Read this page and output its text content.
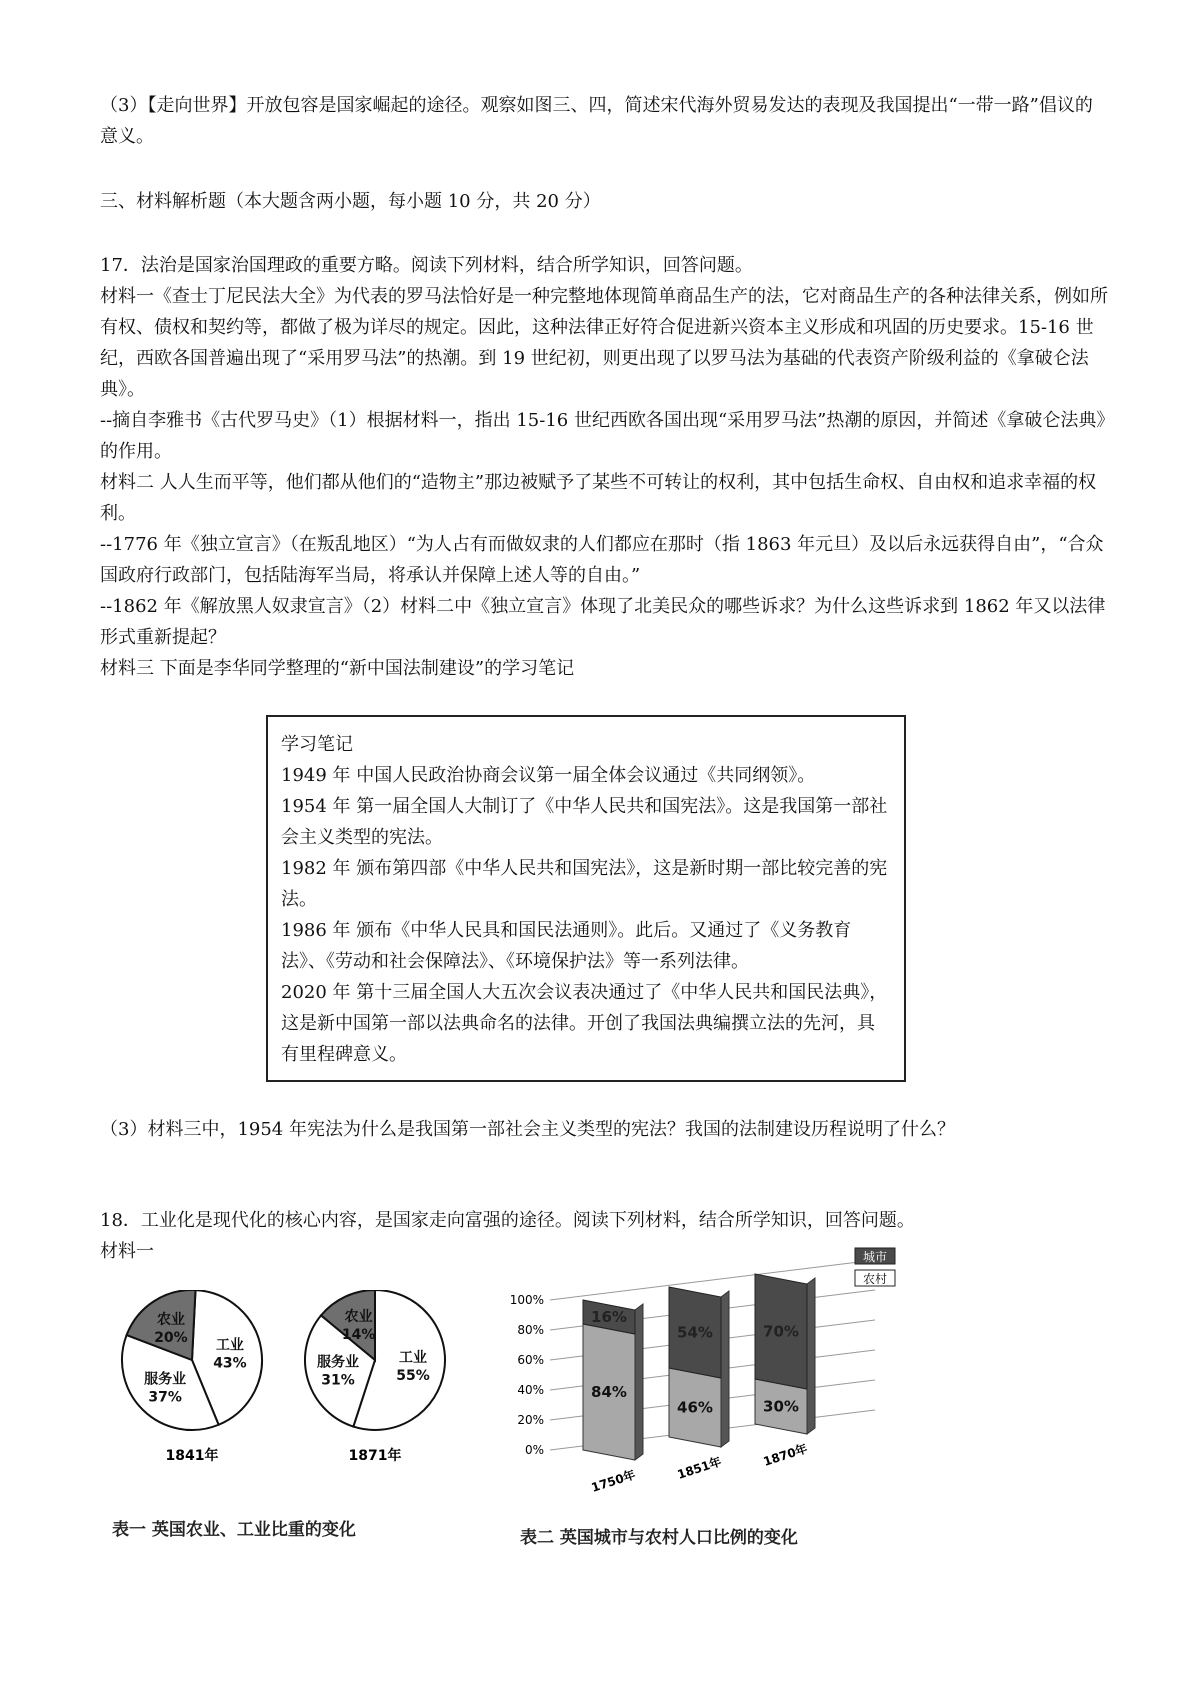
（3）【走向世界】开放包容是国家崛起的途径。观察如图三、四，简述宋代海外贸易发达的表现及我国提出“一带一路”倡议的意义。

三、材料解析题（本大题含两小题，每小题 10 分，共 20 分）

17．法治是国家治国理政的重要方略。阅读下列材料，结合所学知识，回答问题。

材料一《查士丁尼民法大全》为代表的罗马法恰好是一种完整地体现简单商品生产的法，它对商品生产的各种法律关系，例如所有权、债权和契约等，都做了极为详尽的规定。因此，这种法律正好符合促进新兴资本主义形成和巩固的历史要求。15-16 世纪，西欧各国普遍出现了“采用罗马法”的热潮。到 19 世纪初，则更出现了以罗马法为基础的代表资产阶级利益的《拿破仑法典》。

--摘自李雅书《古代罗马史》（1）根据材料一，指出 15-16 世纪西欧各国出现“采用罗马法”热潮的原因，并简述《拿破仑法典》的作用。

材料二 人人生而平等，他们都从他们的“造物主”那边被赋予了某些不可转让的权利，其中包括生命权、自由权和追求幸福的权利。

--1776 年《独立宣言》（在叛乱地区）“为人占有而做奴隶的人们都应在那时（指 1863 年元旦）及以后永远获得自由”，“合众国政府行政部门，包括陆海军当局，将承认并保障上述人等的自由。”

--1862 年《解放黑人奴隶宣言》（2）材料二中《独立宣言》体现了北美民众的哪些诉求？为什么这些诉求到 1862 年又以法律形式重新提起？

材料三 下面是李华同学整理的“新中国法制建设”的学习笔记

学习笔记

1949 年 中国人民政治协商会议第一届全体会议通过《共同纲领》。

1954 年 第一届全国人大制订了《中华人民共和国宪法》。这是我国第一部社会主义类型的宪法。

1982 年 颁布第四部《中华人民共和国宪法》，这是新时期一部比较完善的宪法。

1986 年 颁布《中华人民具和国民法通则》。此后。又通过了《义务教育法》、《劳动和社会保障法》、《环境保护法》等一系列法律。

2020 年 第十三届全国人大五次会议表决通过了《中华人民共和国民法典》，这是新中国第一部以法典命名的法律。开创了我国法典编撰立法的先河，具有里程碑意义。

（3）材料三中，1954 年宪法为什么是我国第一部社会主义类型的宪法？我国的法制建设历程说明了什么？

18．工业化是现代化的核心内容，是国家走向富强的途径。阅读下列材料，结合所学知识，回答问题。

材料一

工业
43%
服务业
37%
农业
20%
1841年
工业
55%
服务业
31%
农业
14%
1871年
表一 英国农业、工业比重的变化
0%
20%
40%
60%
80%
100%
84%
16%
1750年
46%
54%
1851年
30%
70%
1870年
城市
农村
表二 英国城市与农村人口比例的变化
